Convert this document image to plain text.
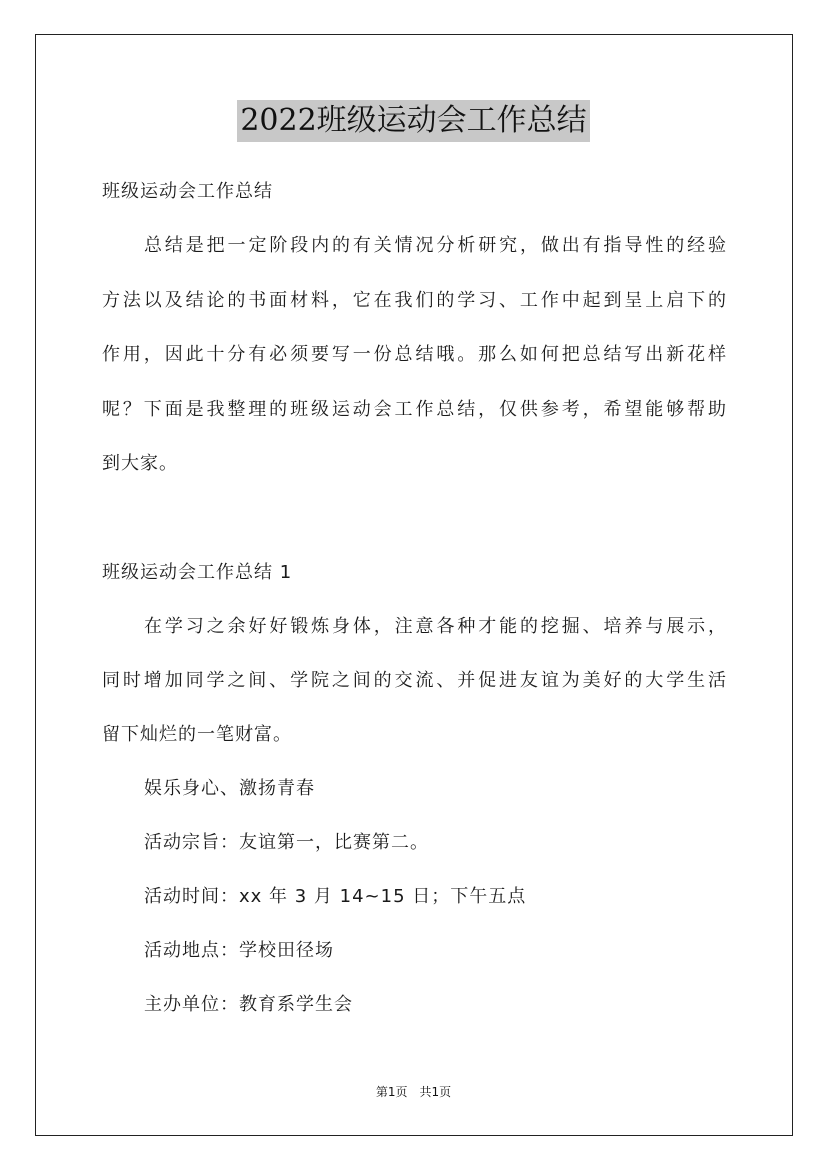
2022班级运动会工作总结
班级运动会工作总结
总结是把一定阶段内的有关情况分析研究，做出有指导性的经验
方法以及结论的书面材料，它在我们的学习、工作中起到呈上启下的
作用，因此十分有必须要写一份总结哦。那么如何把总结写出新花样
呢？下面是我整理的班级运动会工作总结，仅供参考，希望能够帮助
到大家。
班级运动会工作总结 1
在学习之余好好锻炼身体，注意各种才能的挖掘、培养与展示，
同时增加同学之间、学院之间的交流、并促进友谊为美好的大学生活
留下灿烂的一笔财富。
娱乐身心、激扬青春
活动宗旨：友谊第一，比赛第二。
活动时间：xx 年 3 月 14~15 日；下午五点
活动地点：学校田径场
主办单位：教育系学生会
第1页　共1页
